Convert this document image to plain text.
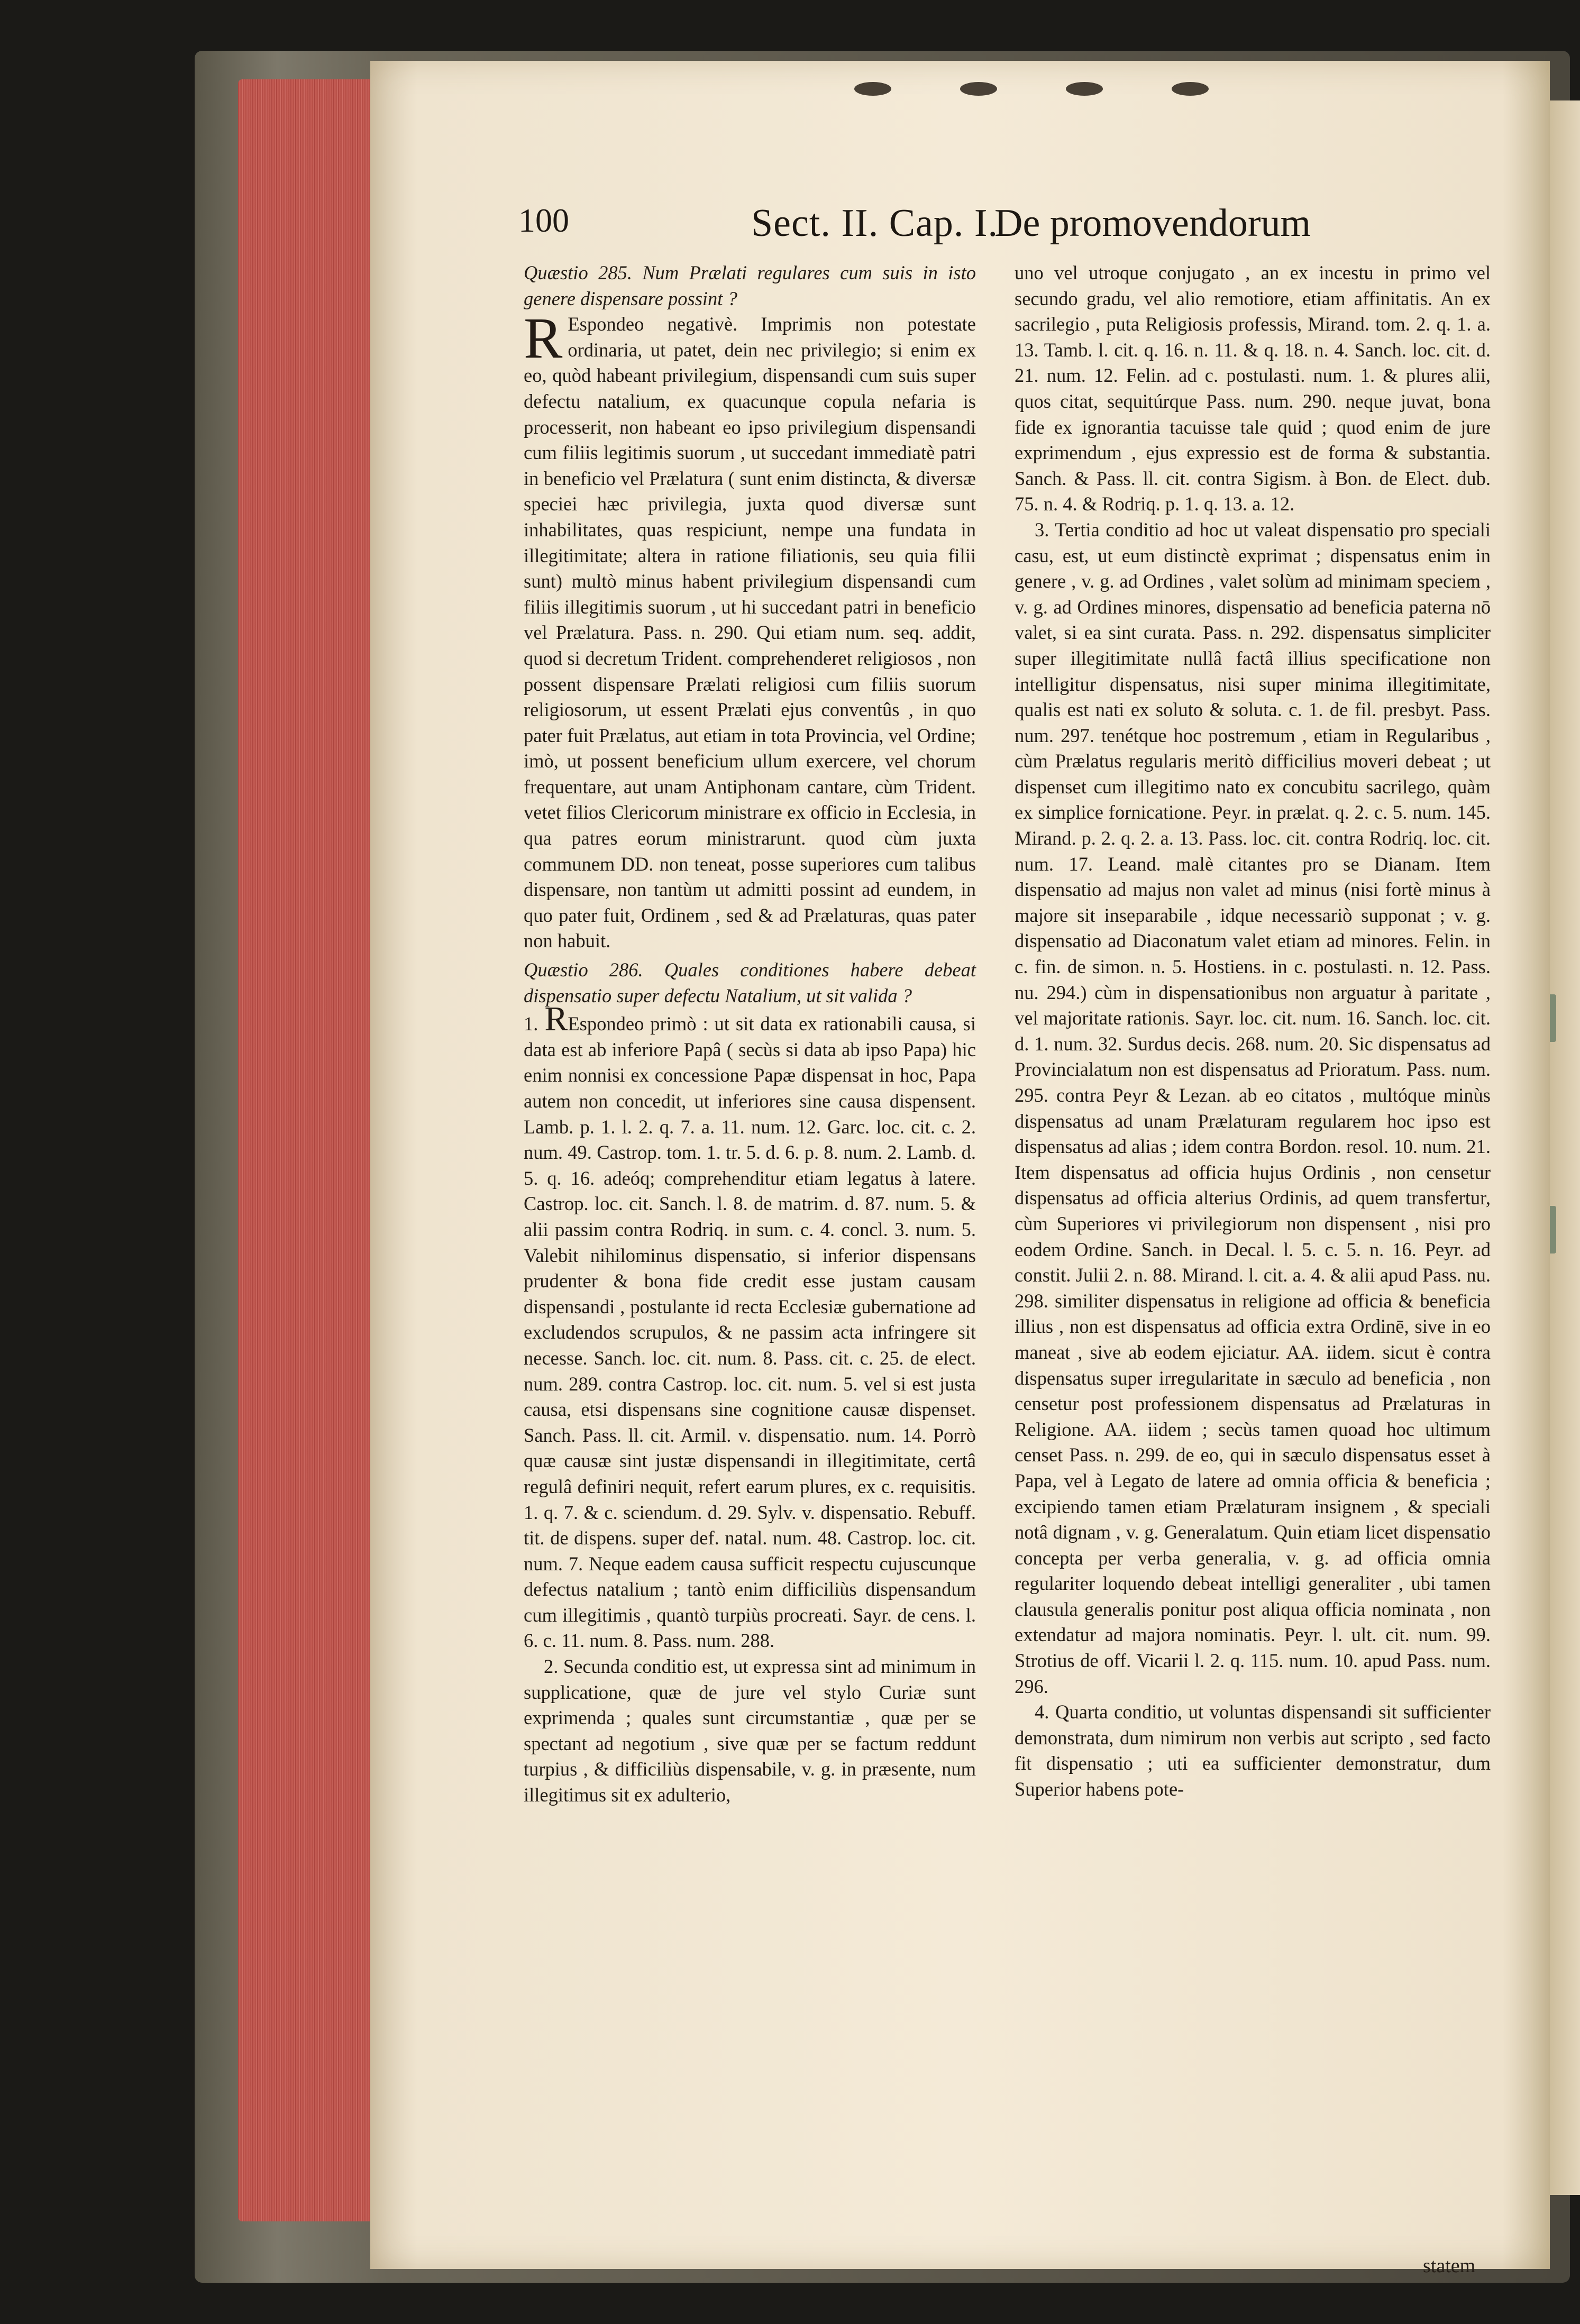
100	Sect. II. Cap. I.
De promovendorum

Quæstio 285. Num Prælati regulares cum suis in isto genere dispensare possint ?

R Espondeo negativè. Imprimis non potestate ordinaria, ut patet, dein nec privilegio; si enim ex eo, quòd habeant privilegium, dispensandi cum suis super defectu natalium, ex quacunque copula nefaria is processerit, non habeant eo ipso privilegium dispensandi cum filiis legitimis suorum , ut succedant immediatè patri in beneficio vel Prælatura ( sunt enim distincta, & diversæ speciei hæc privilegia, juxta quod diversæ sunt inhabilitates, quas respiciunt, nempe una fundata in illegitimitate; altera in ratione filiationis, seu quia filii sunt) multò minus habent privilegium dispensandi cum filiis illegitimis suorum , ut hi succedant patri in beneficio vel Prælatura. Pass. n. 290. Qui etiam num. seq. addit, quod si decretum Trident. comprehenderet religiosos , non possent dispensare Prælati religiosi cum filiis suorum religiosorum, ut essent Prælati ejus conventûs , in quo pater fuit Prælatus, aut etiam in tota Provincia, vel Ordine; imò, ut possent beneficium ullum exercere, vel chorum frequentare, aut unam Antiphonam cantare, cùm Trident. vetet filios Clericorum ministrare ex officio in Ecclesia, in qua patres eorum ministrarunt. quod cùm juxta communem DD. non teneat, posse superiores cum talibus dispensare, non tantùm ut admitti possint ad eundem, in quo pater fuit, Ordinem , sed & ad Prælaturas, quas pater non habuit.

Quæstio 286. Quales conditiones habere debeat dispensatio super defectu Natalium, ut sit valida ?

1. REspondeo primò : ut sit data ex rationabili causa, si data est ab inferiore Papâ ( secùs si data ab ipso Papa) hic enim nonnisi ex concessione Papæ dispensat in hoc, Papa autem non concedit, ut inferiores sine causa dispensent. Lamb. p. 1. l. 2. q. 7. a. 11. num. 12. Garc. loc. cit. c. 2. num. 49. Castrop. tom. 1. tr. 5. d. 6. p. 8. num. 2. Lamb. d. 5. q. 16. adeóq; comprehenditur etiam legatus à latere. Castrop. loc. cit. Sanch. l. 8. de matrim. d. 87. num. 5. & alii passim contra Rodriq. in sum. c. 4. concl. 3. num. 5. Valebit nihilominus dispensatio, si inferior dispensans prudenter & bona fide credit esse justam causam dispensandi , postulante id recta Ecclesiæ gubernatione ad excludendos scrupulos, & ne passim acta infringere sit necesse. Sanch. loc. cit. num. 8. Pass. cit. c. 25. de elect. num. 289. contra Castrop. loc. cit. num. 5. vel si est justa causa, etsi dispensans sine cognitione causæ dispenset. Sanch. Pass. ll. cit. Armil. v. dispensatio. num. 14. Porrò quæ causæ sint justæ dispensandi in illegitimitate, certâ regulâ definiri nequit, refert earum plures, ex c. requisitis. 1. q. 7. & c. sciendum. d. 29. Sylv. v. dispensatio. Rebuff. tit. de dispens. super def. natal. num. 48. Castrop. loc. cit. num. 7. Neque eadem causa sufficit respectu cujuscunque defectus natalium ; tantò enim difficiliùs dispensandum cum illegitimis , quantò turpiùs procreati. Sayr. de cens. l. 6. c. 11. num. 8. Pass. num. 288.

2. Secunda conditio est, ut expressa sint ad minimum in supplicatione, quæ de jure vel stylo Curiæ sunt exprimenda ; quales sunt circumstantiæ , quæ per se spectant ad negotium , sive quæ per se factum reddunt turpius , & difficiliùs dispensabile, v. g. in præsente, num illegitimus sit ex adulterio,

uno vel utroque conjugato , an ex incestu in primo vel secundo gradu, vel alio remotiore, etiam affinitatis. An ex sacrilegio , puta Religiosis professis, Mirand. tom. 2. q. 1. a. 13. Tamb. l. cit. q. 16. n. 11. & q. 18. n. 4. Sanch. loc. cit. d. 21. num. 12. Felin. ad c. postulasti. num. 1. & plures alii, quos citat, sequitúrque Pass. num. 290. neque juvat, bona fide ex ignorantia tacuisse tale quid ; quod enim de jure exprimendum , ejus expressio est de forma & substantia. Sanch. & Pass. ll. cit. contra Sigism. à Bon. de Elect. dub. 75. n. 4. & Rodriq. p. 1. q. 13. a. 12.

3. Tertia conditio ad hoc ut valeat dispensatio pro speciali casu, est, ut eum distinctè exprimat ; dispensatus enim in genere , v. g. ad Ordines , valet solùm ad minimam speciem , v. g. ad Ordines minores, dispensatio ad beneficia paterna nō valet, si ea sint curata. Pass. n. 292. dispensatus simpliciter super illegitimitate nullâ factâ illius specificatione non intelligitur dispensatus, nisi super minima illegitimitate, qualis est nati ex soluto & soluta. c. 1. de fil. presbyt. Pass. num. 297. tenétque hoc postremum , etiam in Regularibus , cùm Prælatus regularis meritò difficilius moveri debeat ; ut dispenset cum illegitimo nato ex concubitu sacrilego, quàm ex simplice fornicatione. Peyr. in prælat. q. 2. c. 5. num. 145. Mirand. p. 2. q. 2. a. 13. Pass. loc. cit. contra Rodriq. loc. cit. num. 17. Leand. malè citantes pro se Dianam. Item dispensatio ad majus non valet ad minus (nisi fortè minus à majore sit inseparabile , idque necessariò supponat ; v. g. dispensatio ad Diaconatum valet etiam ad minores. Felin. in c. fin. de simon. n. 5. Hostiens. in c. postulasti. n. 12. Pass. nu. 294.) cùm in dispensationibus non arguatur à paritate , vel majoritate rationis. Sayr. loc. cit. num. 16. Sanch. loc. cit. d. 1. num. 32. Surdus decis. 268. num. 20. Sic dispensatus ad Provincialatum non est dispensatus ad Prioratum. Pass. num. 295. contra Peyr & Lezan. ab eo citatos , multóque minùs dispensatus ad unam Prælaturam regularem hoc ipso est dispensatus ad alias ; idem contra Bordon. resol. 10. num. 21. Item dispensatus ad officia hujus Ordinis , non censetur dispensatus ad officia alterius Ordinis, ad quem transfertur, cùm Superiores vi privilegiorum non dispensent , nisi pro eodem Ordine. Sanch. in Decal. l. 5. c. 5. n. 16. Peyr. ad constit. Julii 2. n. 88. Mirand. l. cit. a. 4. & alii apud Pass. nu. 298. similiter dispensatus in religione ad officia & beneficia illius , non est dispensatus ad officia extra Ordinē, sive in eo maneat , sive ab eodem ejiciatur. AA. iidem. sicut è contra dispensatus super irregularitate in sæculo ad beneficia , non censetur post professionem dispensatus ad Prælaturas in Religione. AA. iidem ; secùs tamen quoad hoc ultimum censet Pass. n. 299. de eo, qui in sæculo dispensatus esset à Papa, vel à Legato de latere ad omnia officia & beneficia ; excipiendo tamen etiam Prælaturam insignem , & speciali notâ dignam , v. g. Generalatum. Quin etiam licet dispensatio concepta per verba generalia, v. g. ad officia omnia regulariter loquendo debeat intelligi generaliter , ubi tamen clausula generalis ponitur post aliqua officia nominata , non extendatur ad majora nominatis. Peyr. l. ult. cit. num. 99. Strotius de off. Vicarii l. 2. q. 115. num. 10. apud Pass. num. 296.

4. Quarta conditio, ut voluntas dispensandi sit sufficienter demonstrata, dum nimirum non verbis aut scripto , sed facto fit dispensatio ; uti ea sufficienter demonstratur, dum Superior habens pote-

statem
